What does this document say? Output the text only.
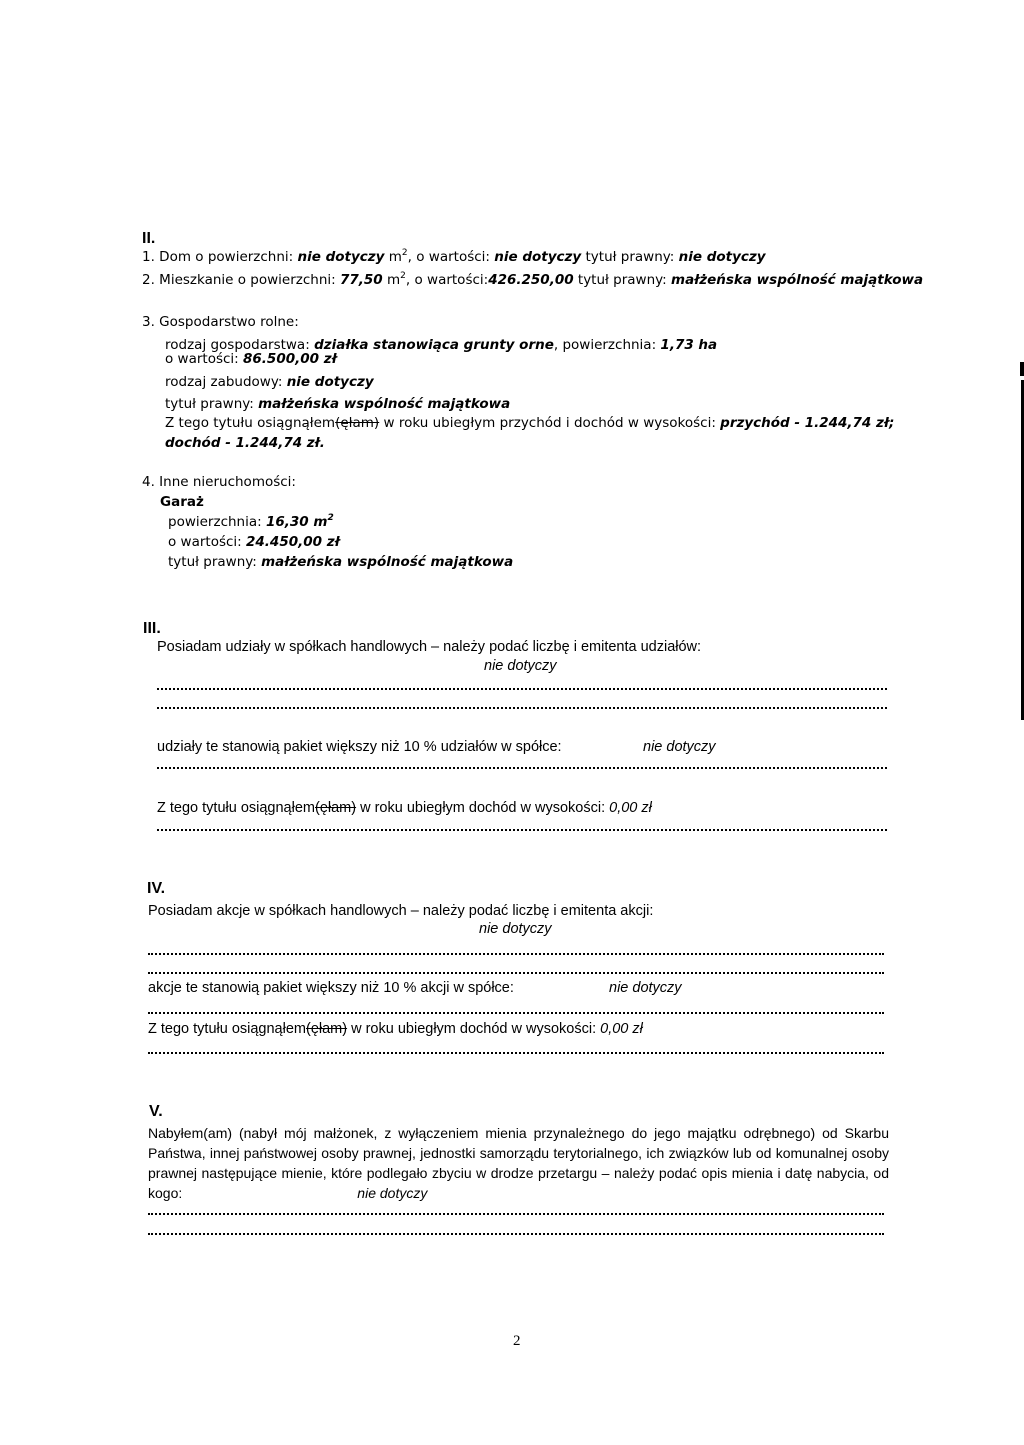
II.
1. Dom o powierzchni: nie dotyczy $m^2$, o wartości: nie dotyczy tytuł prawny: nie dotyczy
2. Mieszkanie o powierzchni: 77,50 $m^2$, o wartości:426.250,00 tytuł prawny: małżeńska wspólność majątkowa
3. Gospodarstwo rolne:
rodzaj gospodarstwa: działka stanowiąca grunty orne, powierzchnia: 1,73 ha
o wartości: 86.500,00 zł
rodzaj zabudowy: nie dotyczy
tytuł prawny: małżeńska wspólność majątkowa
Z tego tytułu osiągnąłem(ęłam) w roku ubiegłym przychód i dochód w wysokości: przychód - 1.244,74 zł;
dochód - 1.244,74 zł.
4. Inne nieruchomości:
Garaż
powierzchnia: 16,30 $m^2$
o wartości: 24.450,00 zł
tytuł prawny: małżeńska wspólność majątkowa
III.
Posiadam udziały w spółkach handlowych – należy podać liczbę i emitenta udziałów:
nie dotyczy
udziały te stanowią pakiet większy niż 10 % udziałów w spółce:	nie dotyczy
Z tego tytułu osiągnąłem(ęłam) w roku ubiegłym dochód w wysokości: 0,00 zł
IV.
Posiadam akcje w spółkach handlowych – należy podać liczbę i emitenta akcji:
nie dotyczy
akcje te stanowią pakiet większy niż 10 % akcji w spółce:	nie dotyczy
Z tego tytułu osiągnąłem(ęłam) w roku ubiegłym dochód w wysokości: 0,00 zł
V.
Nabyłem(am) (nabył mój małżonek, z wyłączeniem mienia przynależnego do jego majątku odrębnego) od Skarbu Państwa, innej państwowej osoby prawnej, jednostki samorządu terytorialnego, ich związków lub od komunalnej osoby prawnej następujące mienie, które podlegało zbyciu w drodze przetargu – należy podać opis mienia i datę nabycia, od kogo:	nie dotyczy
2
